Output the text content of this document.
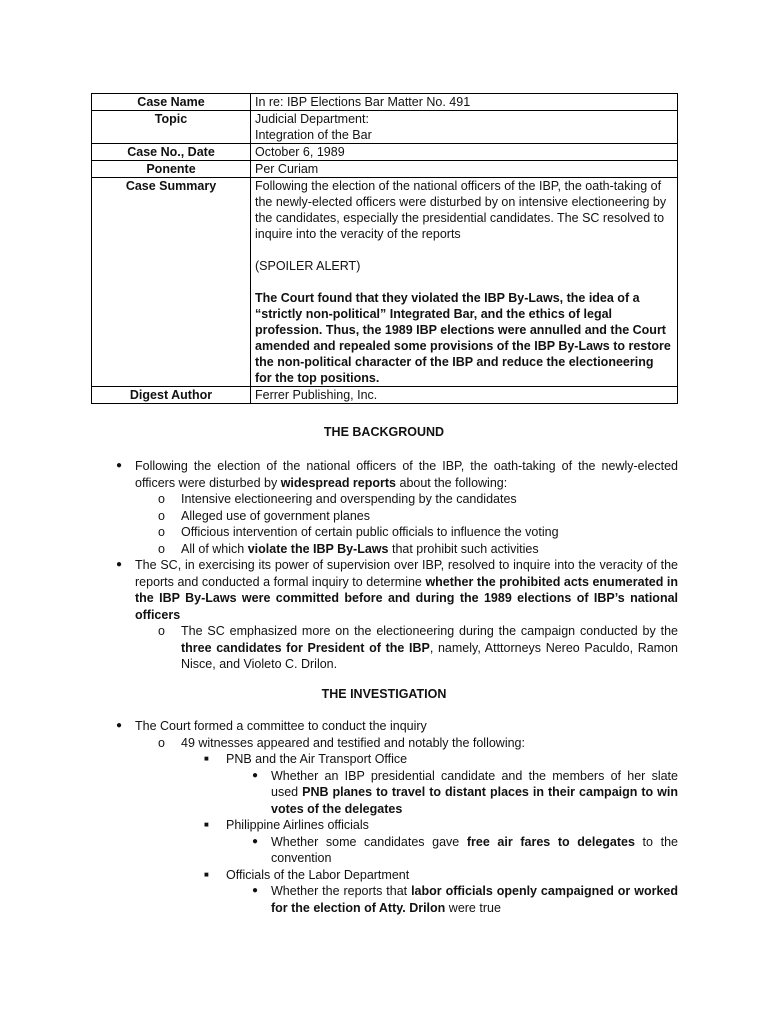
Case Name	In re: IBP Elections Bar Matter No. 491
Topic	Judicial Department:
Integration of the Bar

Case No., Date	October 6, 1989
Ponente	Per Curiam
Case Summary	Following the election of the national officers of the IBP, the oath-taking of the newly-elected officers were disturbed by on intensive electioneering by the candidates, especially the presidential candidates. The SC resolved to inquire into the veracity of the reports
(SPOILER ALERT)
The Court found that they violated the IBP By-Laws, the idea of a “strictly non-political” Integrated Bar, and the ethics of legal profession. Thus, the 1989 IBP elections were annulled and the Court amended and repealed some provisions of the IBP By-Laws to restore the non-political character of the IBP and reduce the electioneering for the top positions.

Digest Author	Ferrer Publishing, Inc.
THE BACKGROUND
● Following the election of the national officers of the IBP, the oath-taking of the newly-elected officers were disturbed by widespread reports about the following:
o Intensive electioneering and overspending by the candidates
o Alleged use of government planes
o Officious intervention of certain public officials to influence the voting
o All of which violate the IBP By-Laws that prohibit such activities
● The SC, in exercising its power of supervision over IBP, resolved to inquire into the veracity of the reports and conducted a formal inquiry to determine whether the prohibited acts enumerated in the IBP By-Laws were committed before and during the 1989 elections of IBP’s national officers
o The SC emphasized more on the electioneering during the campaign conducted by the three candidates for President of the IBP, namely, Atttorneys Nereo Paculdo, Ramon Nisce, and Violeto C. Drilon.
THE INVESTIGATION
● The Court formed a committee to conduct the inquiry
o 49 witnesses appeared and testified and notably the following:
■ PNB and the Air Transport Office
● Whether an IBP presidential candidate and the members of her slate used PNB planes to travel to distant places in their campaign to win votes of the delegates
■ Philippine Airlines officials
● Whether some candidates gave free air fares to delegates to the convention
■ Officials of the Labor Department
● Whether the reports that labor officials openly campaigned or worked for the election of Atty. Drilon were true
